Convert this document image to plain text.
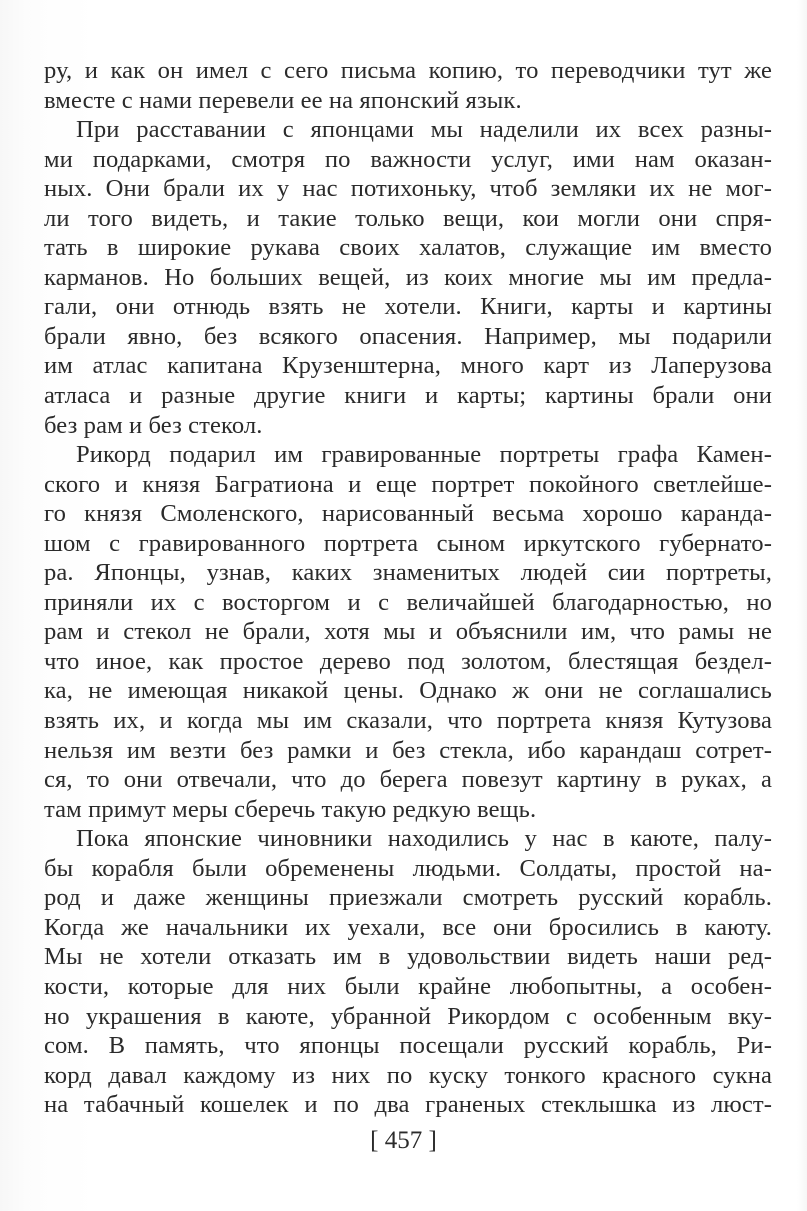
ру, и как он имел с сего письма копию, то переводчики тут же
вместе с нами перевели ее на японский язык.
При расставании с японцами мы наделили их всех разны-
ми подарками, смотря по важности услуг, ими нам оказан-
ных. Они брали их у нас потихоньку, чтоб земляки их не мог-
ли того видеть, и такие только вещи, кои могли они спря-
тать в широкие рукава своих халатов, служащие им вместо
карманов. Но больших вещей, из коих многие мы им предла-
гали, они отнюдь взять не хотели. Книги, карты и картины
брали явно, без всякого опасения. Например, мы подарили
им атлас капитана Крузенштерна, много карт из Лаперузова
атласа и разные другие книги и карты; картины брали они
без рам и без стекол.
Рикорд подарил им гравированные портреты графа Камен-
ского и князя Багратиона и еще портрет покойного светлейше-
го князя Смоленского, нарисованный весьма хорошо каранда-
шом с гравированного портрета сыном иркутского губернато-
ра. Японцы, узнав, каких знаменитых людей сии портреты,
приняли их с восторгом и с величайшей благодарностью, но
рам и стекол не брали, хотя мы и объяснили им, что рамы не
что иное, как простое дерево под золотом, блестящая бездел-
ка, не имеющая никакой цены. Однако ж они не соглашались
взять их, и когда мы им сказали, что портрета князя Кутузова
нельзя им везти без рамки и без стекла, ибо карандаш сотрет-
ся, то они отвечали, что до берега повезут картину в руках, а
там примут меры сберечь такую редкую вещь.
Пока японские чиновники находились у нас в каюте, палу-
бы корабля были обременены людьми. Солдаты, простой на-
род и даже женщины приезжали смотреть русский корабль.
Когда же начальники их уехали, все они бросились в каюту.
Мы не хотели отказать им в удовольствии видеть наши ред-
кости, которые для них были крайне любопытны, а особен-
но украшения в каюте, убранной Рикордом с особенным вку-
сом. В память, что японцы посещали русский корабль, Ри-
корд давал каждому из них по куску тонкого красного сукна
на табачный кошелек и по два граненых стеклышка из люст-
[ 457 ]
